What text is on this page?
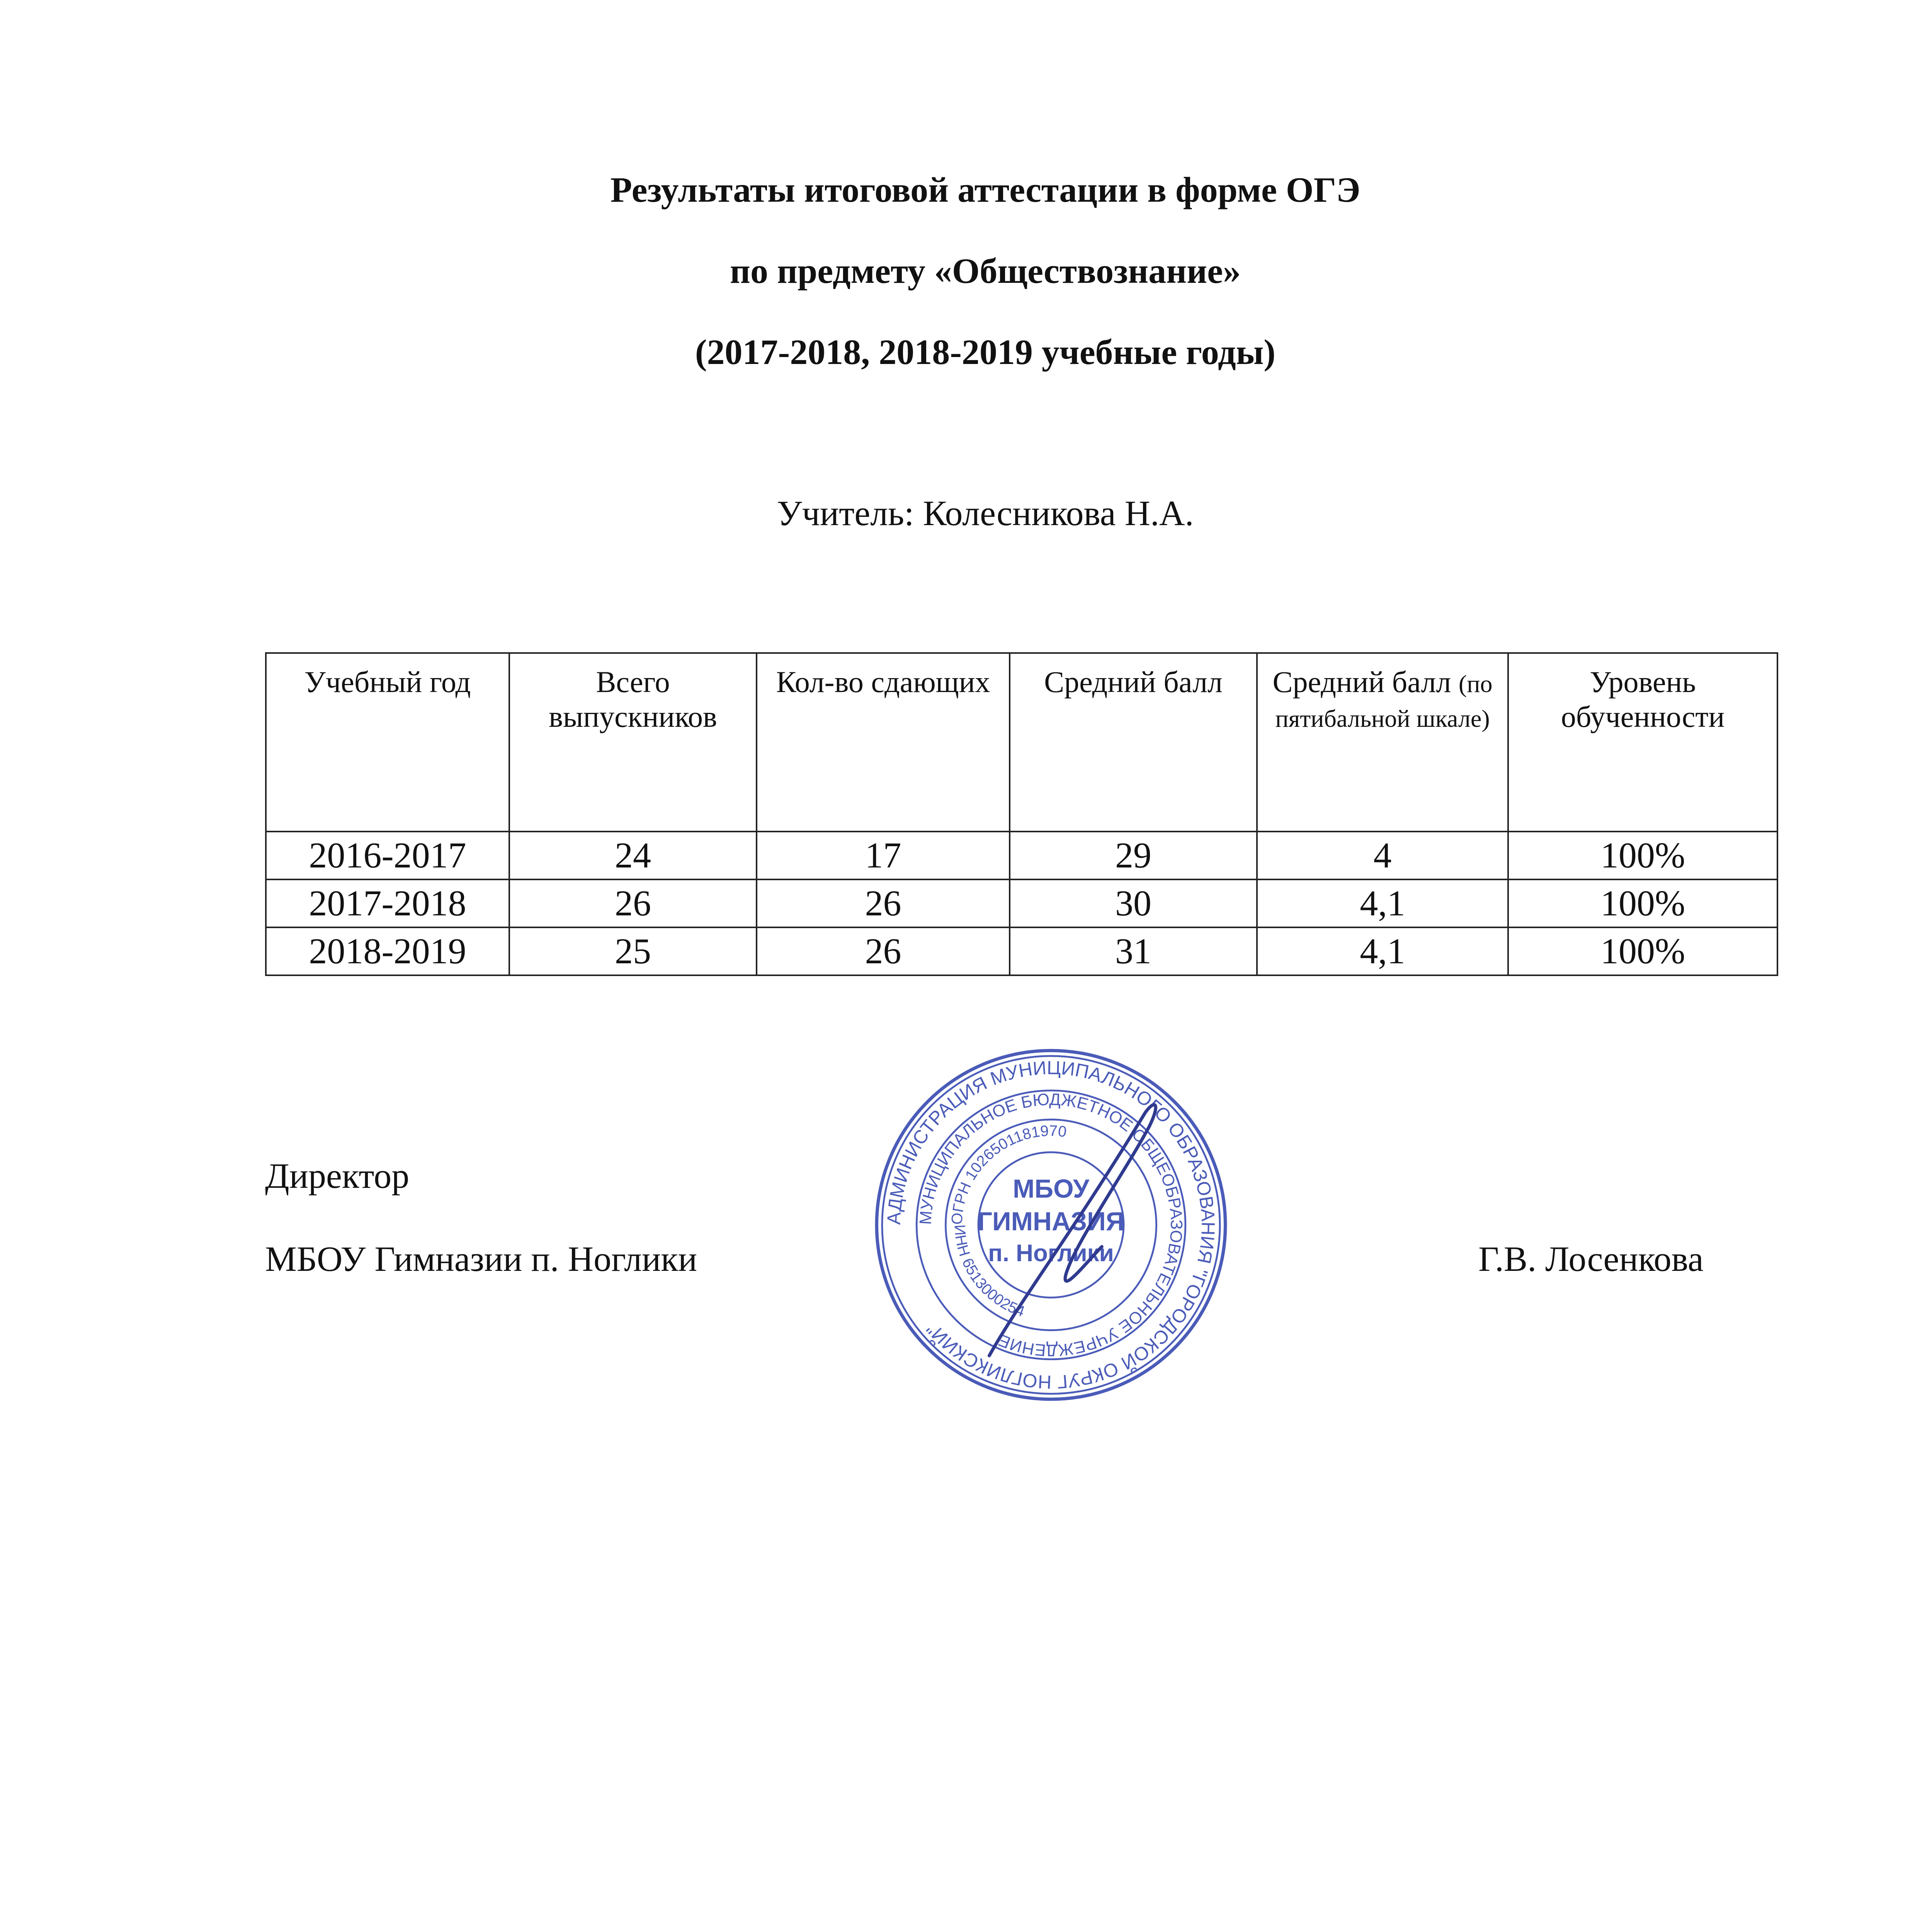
Результаты итоговой аттестации в форме ОГЭ
по предмету «Обществознание»
(2017-2018, 2018-2019 учебные годы)
Учитель: Колесникова Н.А.
Учебный год	Всего выпускников	Кол-во сдающих	Средний балл	Средний балл (по пятибальной шкале)	Уровень обученности
2016-2017	24	17	29	4	100%
2017-2018	26	26	30	4,1	100%
2018-2019	25	26	31	4,1	100%
Директор
МБОУ Гимназии п. Ноглики	Г.В. Лосенкова
АДМИНИСТРАЦИЯ МУНИЦИПАЛЬНОГО ОБРАЗОВАНИЯ "ГОРОДСКОЙ ОКРУГ НОГЛИКСКИЙ"
МУНИЦИПАЛЬНОЕ БЮДЖЕТНОЕ ОБЩЕОБРАЗОВАТЕЛЬНОЕ УЧРЕЖДЕНИЕ
ОГРН 1026501181970
ИНН 6513000254
МБОУ
ГИМНАЗИЯ
п. Ноглики
